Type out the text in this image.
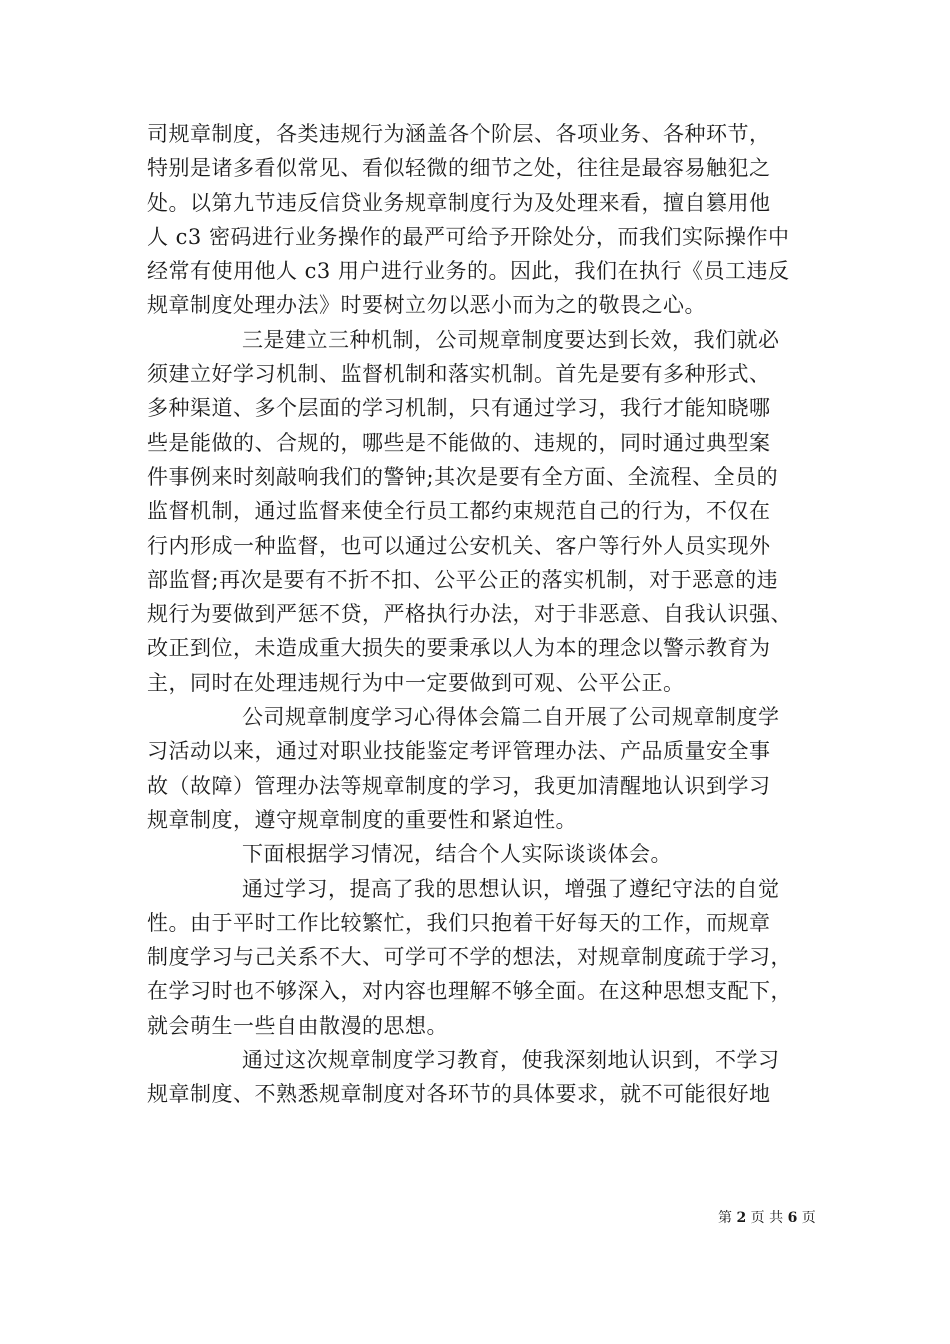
司规章制度，各类违规行为涵盖各个阶层、各项业务、各种环节，
特别是诸多看似常见、看似轻微的细节之处，往往是最容易触犯之
处。以第九节违反信贷业务规章制度行为及处理来看，擅自篡用他
人 c3 密码进行业务操作的最严可给予开除处分，而我们实际操作中
经常有使用他人 c3 用户进行业务的。因此，我们在执行《员工违反
规章制度处理办法》时要树立勿以恶小而为之的敬畏之心。
三是建立三种机制，公司规章制度要达到长效，我们就必
须建立好学习机制、监督机制和落实机制。首先是要有多种形式、
多种渠道、多个层面的学习机制，只有通过学习，我行才能知晓哪
些是能做的、合规的，哪些是不能做的、违规的，同时通过典型案
件事例来时刻敲响我们的警钟;其次是要有全方面、全流程、全员的
监督机制，通过监督来使全行员工都约束规范自己的行为，不仅在
行内形成一种监督，也可以通过公安机关、客户等行外人员实现外
部监督;再次是要有不折不扣、公平公正的落实机制，对于恶意的违
规行为要做到严惩不贷，严格执行办法，对于非恶意、自我认识强、
改正到位，未造成重大损失的要秉承以人为本的理念以警示教育为
主，同时在处理违规行为中一定要做到可观、公平公正。
公司规章制度学习心得体会篇二自开展了公司规章制度学
习活动以来，通过对职业技能鉴定考评管理办法、产品质量安全事
故（故障）管理办法等规章制度的学习，我更加清醒地认识到学习
规章制度，遵守规章制度的重要性和紧迫性。
下面根据学习情况，结合个人实际谈谈体会。
通过学习，提高了我的思想认识，增强了遵纪守法的自觉
性。由于平时工作比较繁忙，我们只抱着干好每天的工作，而规章
制度学习与己关系不大、可学可不学的想法，对规章制度疏于学习，
在学习时也不够深入，对内容也理解不够全面。在这种思想支配下，
就会萌生一些自由散漫的思想。
通过这次规章制度学习教育，使我深刻地认识到，不学习
规章制度、不熟悉规章制度对各环节的具体要求，就不可能很好地
第 2 页 共 6 页
